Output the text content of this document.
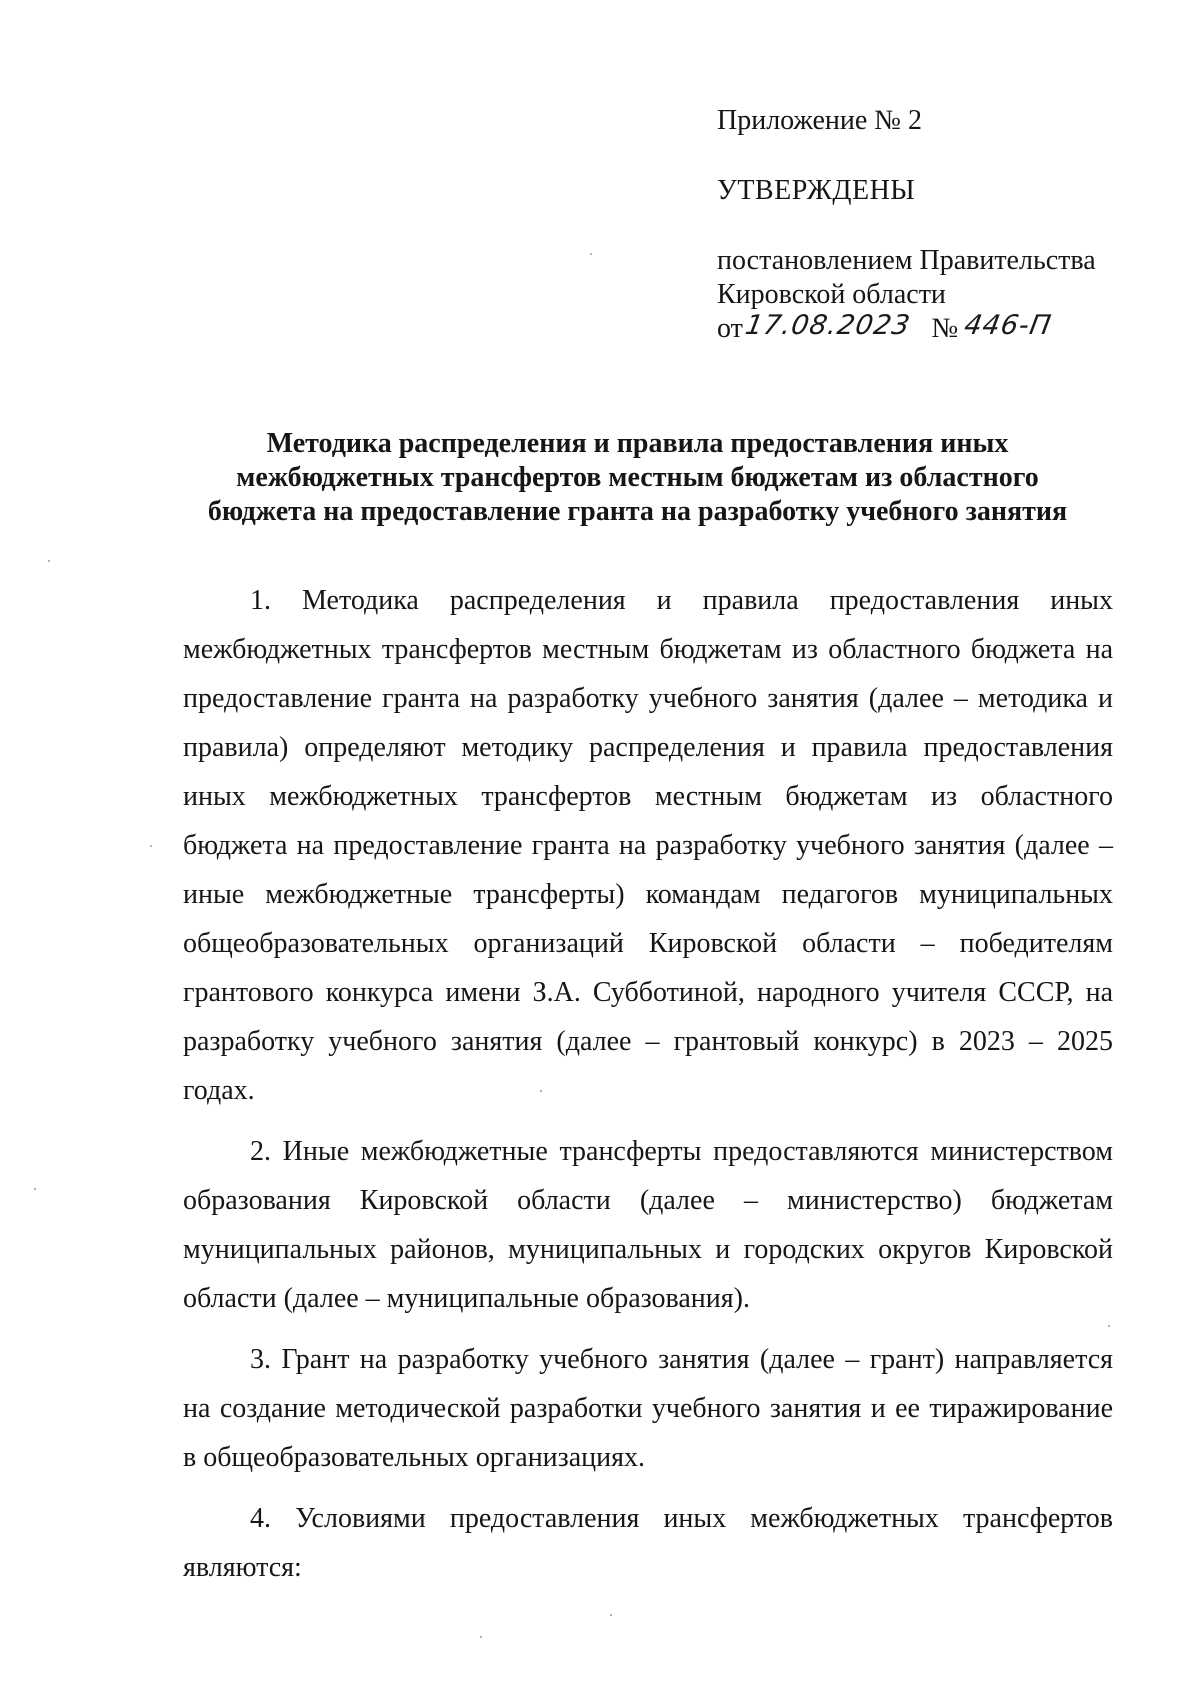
Приложение № 2
УТВЕРЖДЕНЫ
постановлением Правительства
Кировской области
от17.08.2023 № 446-П
Методика распределения и правила предоставления иных
межбюджетных трансфертов местным бюджетам из областного
бюджета на предоставление гранта на разработку учебного занятия

1. Методика распределения и правила предоставления иных межбюджетных трансфертов местным бюджетам из областного бюджета на предоставление гранта на разработку учебного занятия (далее – методика и правила) определяют методику распределения и правила предоставления иных межбюджетных трансфертов местным бюджетам из областного бюджета на предоставление гранта на разработку учебного занятия (далее – иные межбюджетные трансферты) командам педагогов муниципальных общеобразовательных организаций Кировской области – победителям грантового конкурса имени З.А. Субботиной, народного учителя СССР, на разработку учебного занятия (далее – грантовый конкурс) в 2023 – 2025 годах.

2. Иные межбюджетные трансферты предоставляются министерством образования Кировской области (далее – министерство) бюджетам муниципальных районов, муниципальных и городских округов Кировской области (далее – муниципальные образования).

3. Грант на разработку учебного занятия (далее – грант) направляется на создание методической разработки учебного занятия и ее тиражирование в общеобразовательных организациях.

4. Условиями предоставления иных межбюджетных трансфертов являются:
